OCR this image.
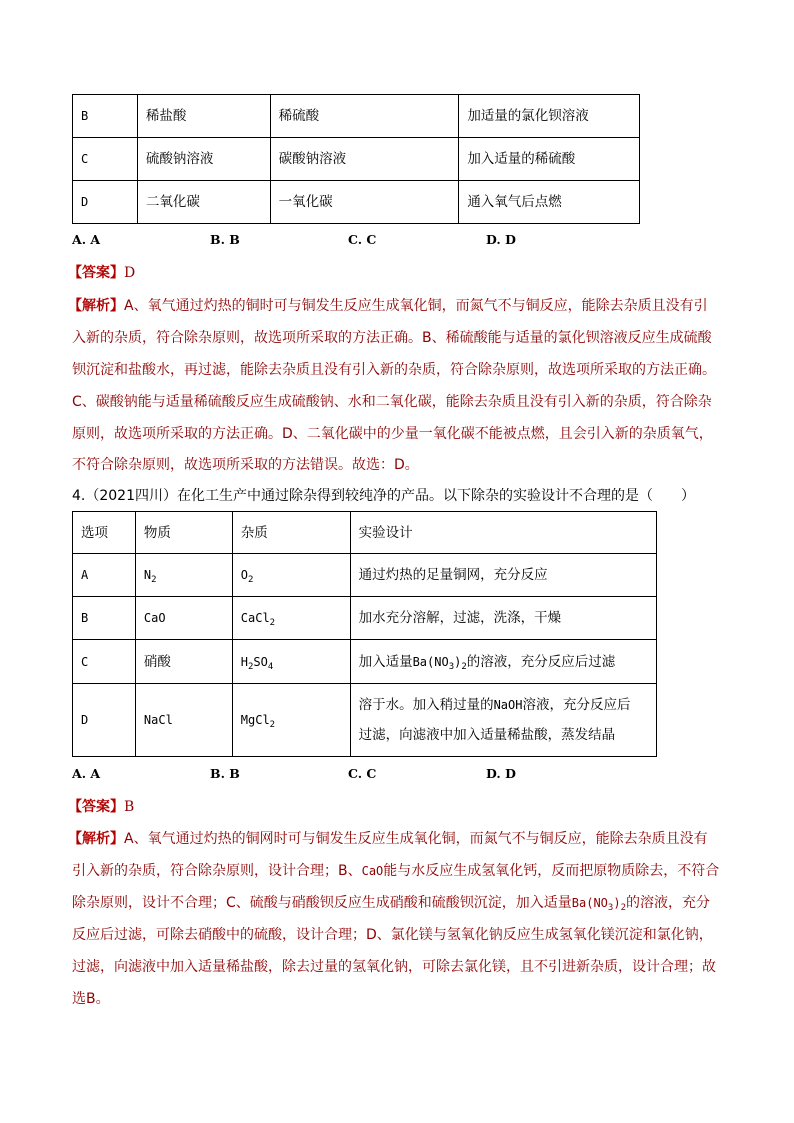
B	稀盐酸	稀硫酸	加适量的氯化钡溶液
C	硫酸钠溶液	碳酸钠溶液	加入适量的稀硫酸
D	二氧化碳	一氧化碳	通入氧气后点燃
A. A	B. B	C. C	D. D
【答案】D
【解析】A、氧气通过灼热的铜时可与铜发生反应生成氧化铜，而氮气不与铜反应，能除去杂质且没有引
入新的杂质，符合除杂原则，故选项所采取的方法正确。B、稀硫酸能与适量的氯化钡溶液反应生成硫酸
钡沉淀和盐酸水，再过滤，能除去杂质且没有引入新的杂质，符合除杂原则，故选项所采取的方法正确。
C、碳酸钠能与适量稀硫酸反应生成硫酸钠、水和二氧化碳，能除去杂质且没有引入新的杂质，符合除杂
原则，故选项所采取的方法正确。D、二氧化碳中的少量一氧化碳不能被点燃，且会引入新的杂质氧气，
不符合除杂原则，故选项所采取的方法错误。故选：D。
4.（2021四川）在化工生产中通过除杂得到较纯净的产品。以下除杂的实验设计不合理的是（　　）
选项	物质	杂质	实验设计
A	$N_2$	$O_2$	通过灼热的足量铜网，充分反应
B	CaO	CaCl$_2$	加水充分溶解，过滤，洗涤，干燥
C	硝酸	$H_2SO_4$	加入适量$Ba(NO_3)_2$的溶液，充分反应后过滤
D	NaCl	MgCl$_2$	溶于水。加入稍过量的NaOH溶液，充分反应后
过滤，向滤液中加入适量稀盐酸，蒸发结晶
A. A	B. B	C. C	D. D
【答案】B
【解析】A、氧气通过灼热的铜网时可与铜发生反应生成氧化铜，而氮气不与铜反应，能除去杂质且没有
引入新的杂质，符合除杂原则，设计合理；B、CaO能与水反应生成氢氧化钙，反而把原物质除去，不符合
除杂原则，设计不合理；C、硫酸与硝酸钡反应生成硝酸和硫酸钡沉淀，加入适量$Ba(NO_3)_2$的溶液，充分
反应后过滤，可除去硝酸中的硫酸，设计合理；D、氯化镁与氢氧化钠反应生成氢氧化镁沉淀和氯化钠，
过滤，向滤液中加入适量稀盐酸，除去过量的氢氧化钠，可除去氯化镁，且不引进新杂质，设计合理；故
选B。
